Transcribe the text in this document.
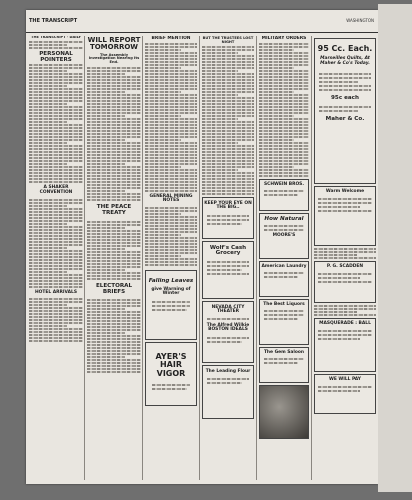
THE TRANSCRIPT	WASHINGTON
THE TRANSCRIPT · DAILY
PERSONAL POINTERS
A SHAKER CONVENTION
HOTEL ARRIVALS
WILL REPORT TOMORROW
The Assembly Investigation Nearing Its End.
THE PEACE TREATY
ELECTORAL BRIEFS
BRIEF MENTION
GENERAL MINING NOTES
Falling Leaves
give Warning of Winter
AYER'S HAIR VIGOR
BUT THE TRUSTEES LOST NIGHT
KEEP YOUR EYE ON THE BIG..
Wolf's Cash Grocery
NEVADA CITY THEATER
The Alfred Wilkie BOSTON IDEALS
The Leading Flour
MILITARY ORDERS
SCHWEIN BROS.
How Natural
MOORE'S
American Laundry
The Best Liquors
The Gem Saloon
95 Cc. Each.
Marseilles Quilts, At Maher & Co's Today.
95c each
Maher & Co.
Warm Welcome
P. G. SCADDEN
MASQUERADE : BALL
WE WILL PAY
